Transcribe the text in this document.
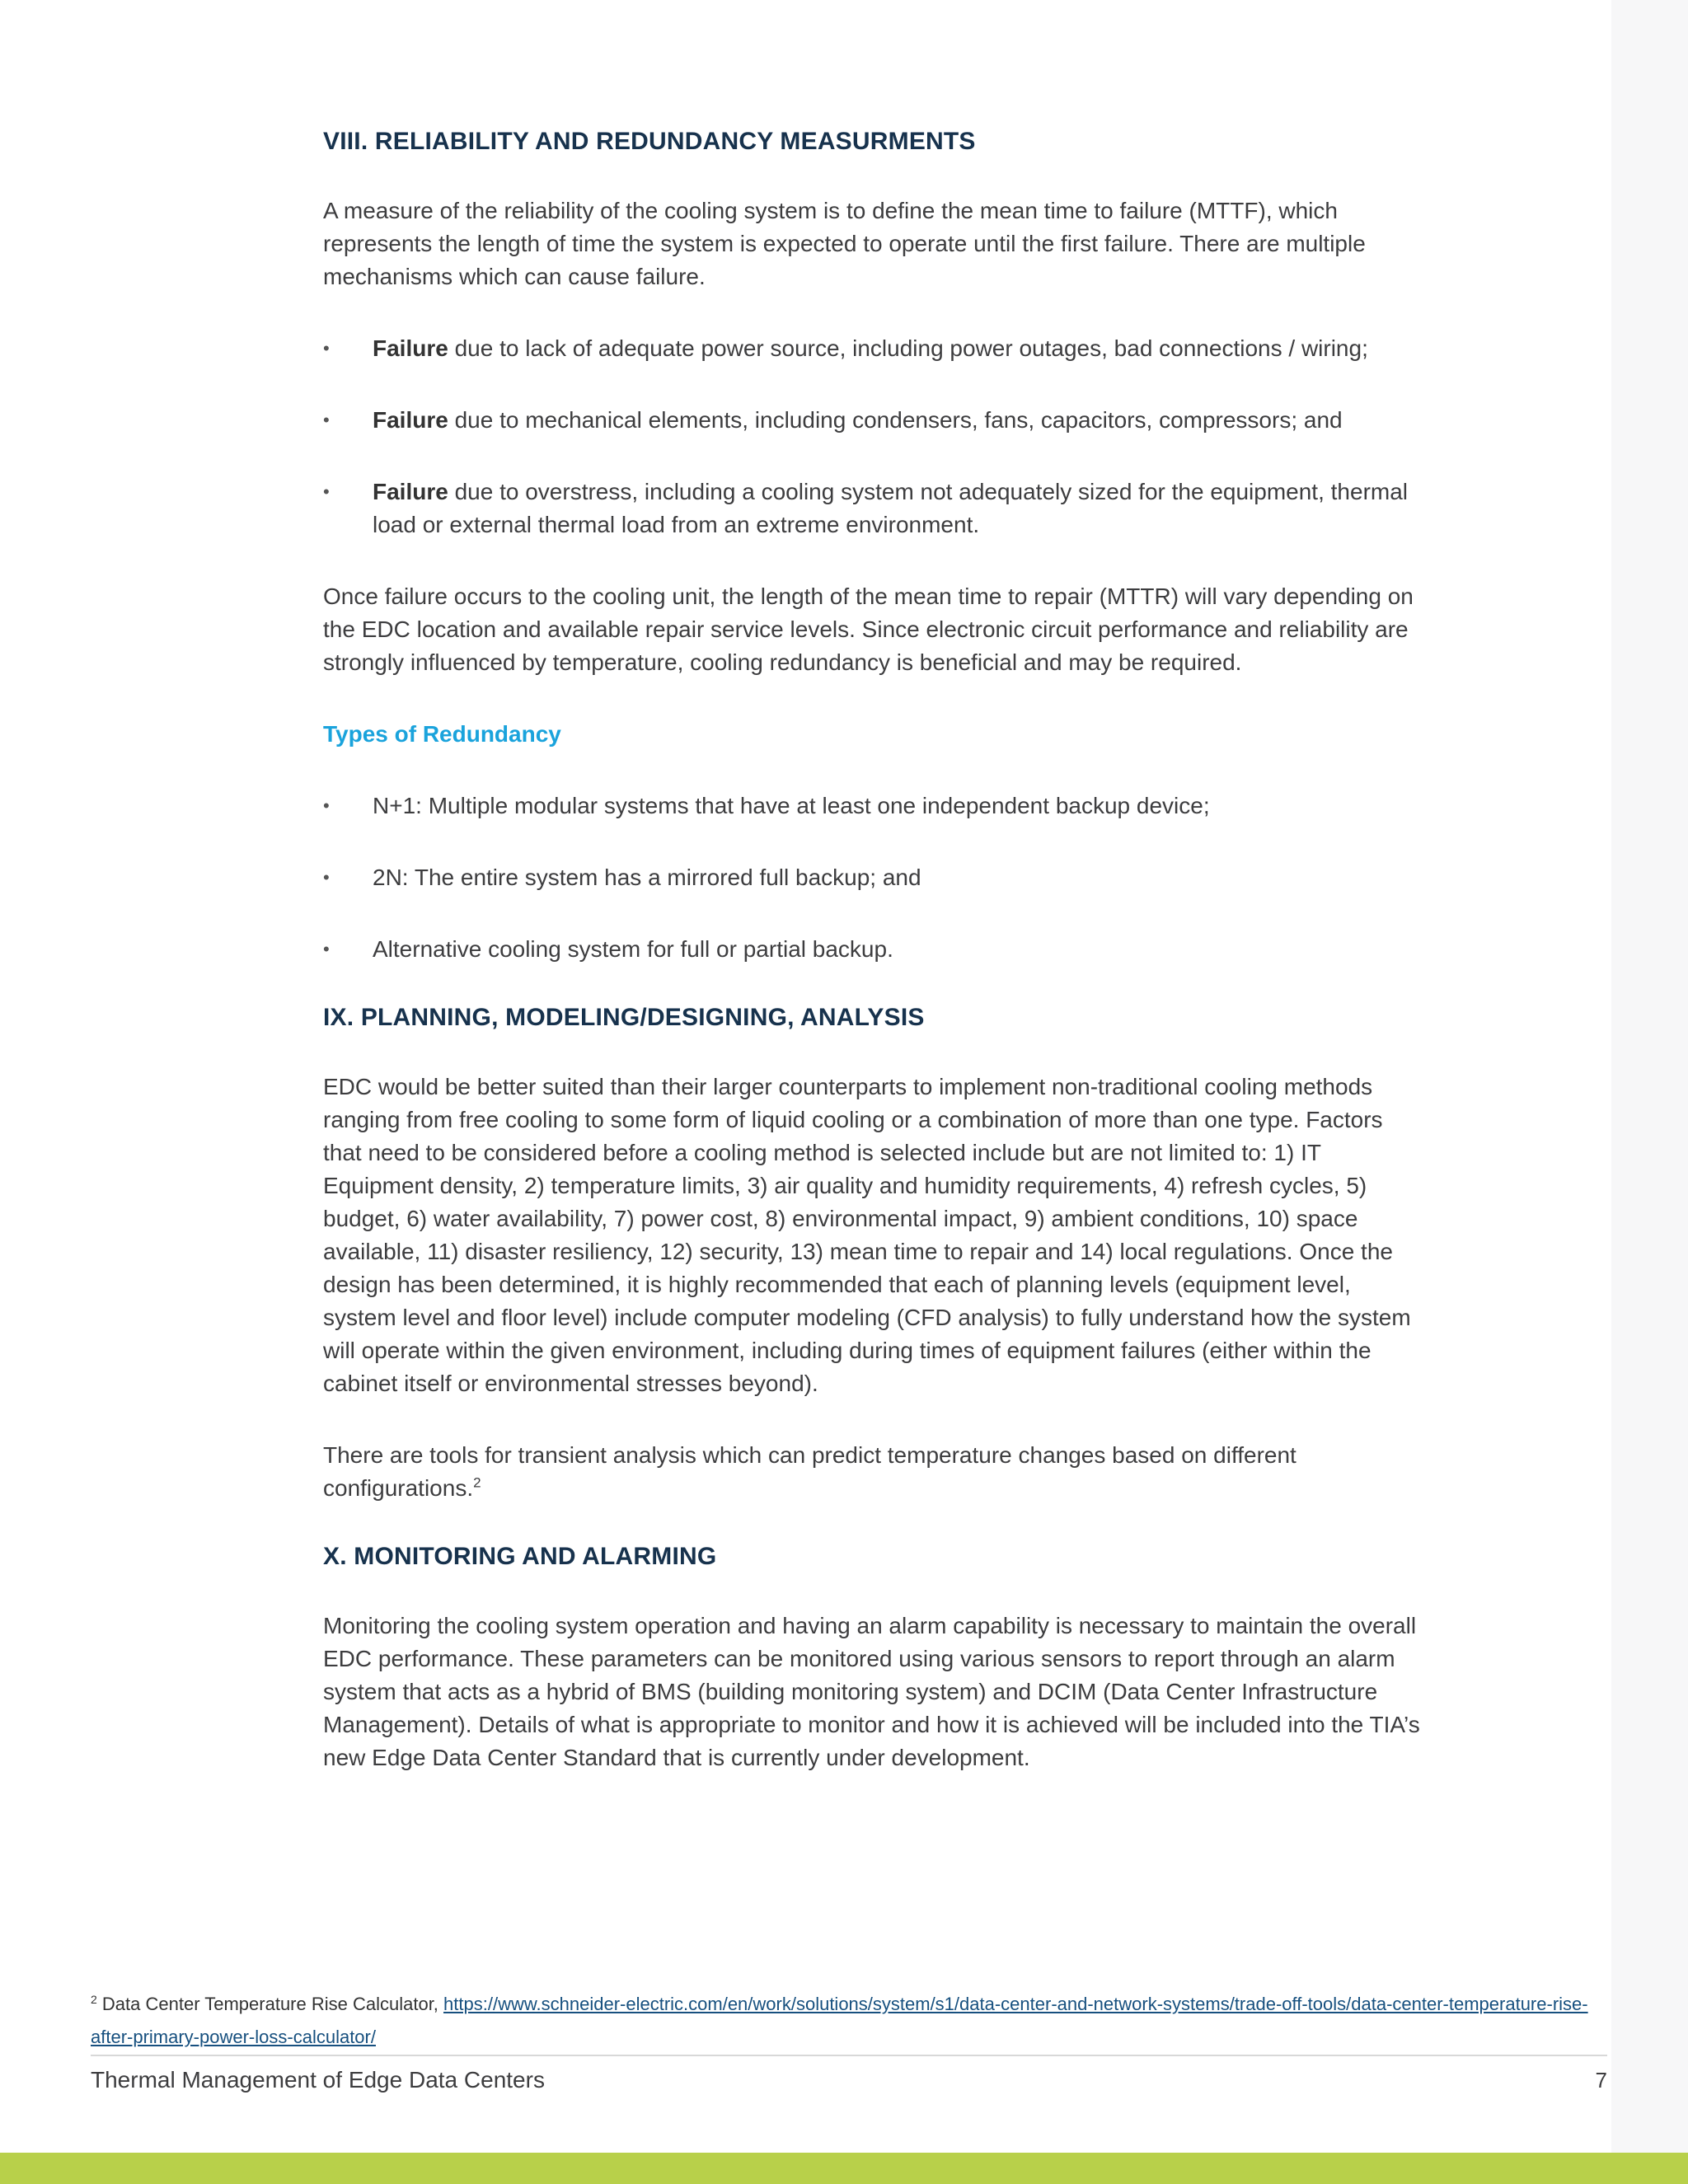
VIII. RELIABILITY AND REDUNDANCY MEASURMENTS

A measure of the reliability of the cooling system is to define the mean time to failure (MTTF), which represents the length of time the system is expected to operate until the first failure. There are multiple mechanisms which can cause failure.

• Failure due to lack of adequate power source, including power outages, bad connections / wiring;
• Failure due to mechanical elements, including condensers, fans, capacitors, compressors; and
• Failure due to overstress, including a cooling system not adequately sized for the equipment, thermal load or external thermal load from an extreme environment.

Once failure occurs to the cooling unit, the length of the mean time to repair (MTTR) will vary depending on the EDC location and available repair service levels. Since electronic circuit performance and reliability are strongly influenced by temperature, cooling redundancy is beneficial and may be required.

Types of Redundancy
• N+1: Multiple modular systems that have at least one independent backup device;
• 2N: The entire system has a mirrored full backup; and
• Alternative cooling system for full or partial backup.
IX. PLANNING, MODELING/DESIGNING, ANALYSIS

EDC would be better suited than their larger counterparts to implement non-traditional cooling methods ranging from free cooling to some form of liquid cooling or a combination of more than one type. Factors that need to be considered before a cooling method is selected include but are not limited to: 1) IT Equipment density, 2) temperature limits, 3) air quality and humidity requirements, 4) refresh cycles, 5) budget, 6) water availability, 7) power cost, 8) environmental impact, 9) ambient conditions, 10) space available, 11) disaster resiliency, 12) security, 13) mean time to repair and 14) local regulations. Once the design has been determined, it is highly recommended that each of planning levels (equipment level, system level and floor level) include computer modeling (CFD analysis) to fully understand how the system will operate within the given environment, including during times of equipment failures (either within the cabinet itself or environmental stresses beyond).

There are tools for transient analysis which can predict temperature changes based on different configurations.$^2$

X. MONITORING AND ALARMING

Monitoring the cooling system operation and having an alarm capability is necessary to maintain the overall EDC performance. These parameters can be monitored using various sensors to report through an alarm system that acts as a hybrid of BMS (building monitoring system) and DCIM (Data Center Infrastructure Management). Details of what is appropriate to monitor and how it is achieved will be included into the TIA’s new Edge Data Center Standard that is currently under development.

$^2$ Data Center Temperature Rise Calculator, https://www.schneider-electric.com/en/work/solutions/system/s1/data-center-and-network-systems/trade-off-tools/data-center-temperature-rise-after-primary-power-loss-calculator/
Thermal Management of Edge Data Centers	7
